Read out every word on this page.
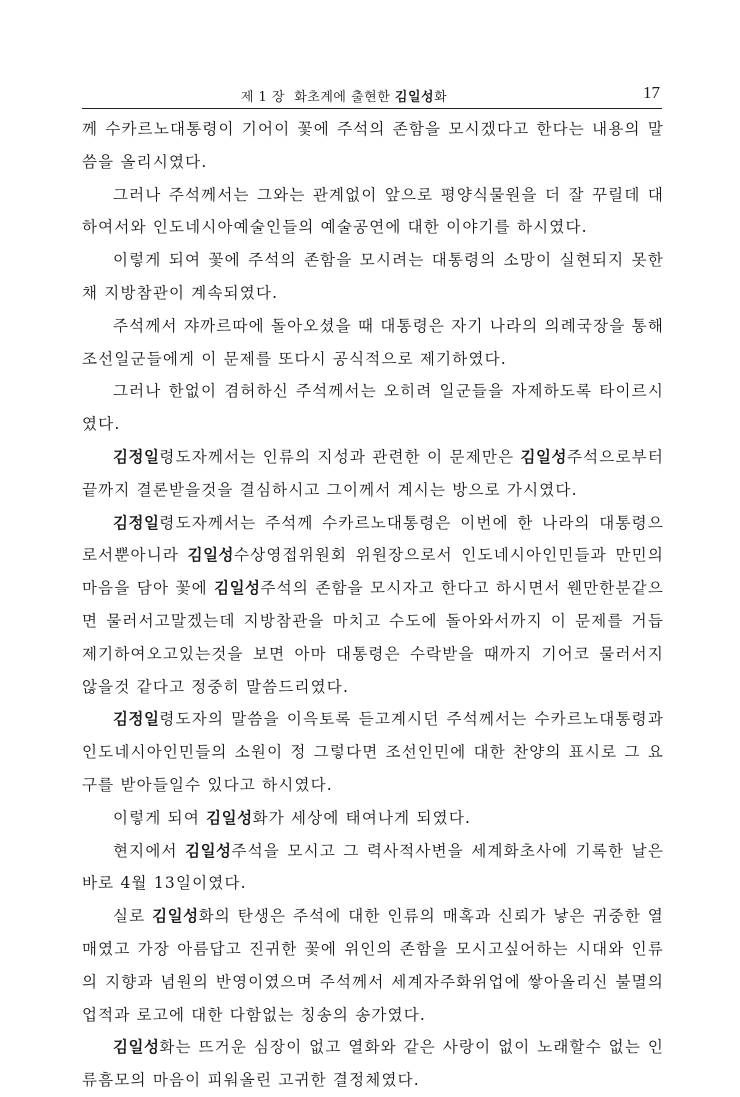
제 1 장 화초계에 출현한 김일성화	17

께 수카르노대통령이 기어이 꽃에 주석의 존함을 모시겠다고 한다는 내용의 말씀을 올리시였다.

그러나 주석께서는 그와는 관계없이 앞으로 평양식물원을 더 잘 꾸릴데 대하여서와 인도네시아예술인들의 예술공연에 대한 이야기를 하시였다.

이렇게 되여 꽃에 주석의 존함을 모시려는 대통령의 소망이 실현되지 못한채 지방참관이 계속되였다.

주석께서 쟈까르따에 돌아오셨을 때 대통령은 자기 나라의 의례국장을 통해 조선일군들에게 이 문제를 또다시 공식적으로 제기하였다.

그러나 한없이 겸허하신 주석께서는 오히려 일군들을 자제하도록 타이르시였다.

김정일령도자께서는 인류의 지성과 관련한 이 문제만은 김일성주석으로부터 끝까지 결론받을것을 결심하시고 그이께서 계시는 방으로 가시였다.

김정일령도자께서는 주석께 수카르노대통령은 이번에 한 나라의 대통령으로서뿐아니라 김일성수상영접위원회 위원장으로서 인도네시아인민들과 만민의 마음을 담아 꽃에 김일성주석의 존함을 모시자고 한다고 하시면서 웬만한분같으면 물러서고말겠는데 지방참관을 마치고 수도에 돌아와서까지 이 문제를 거듭 제기하여오고있는것을 보면 아마 대통령은 수락받을 때까지 기어코 물러서지 않을것 같다고 정중히 말씀드리였다.

김정일령도자의 말씀을 이윽토록 듣고계시던 주석께서는 수카르노대통령과 인도네시아인민들의 소원이 정 그렇다면 조선인민에 대한 찬양의 표시로 그 요구를 받아들일수 있다고 하시였다.

이렇게 되여 김일성화가 세상에 태여나게 되였다.

현지에서 김일성주석을 모시고 그 력사적사변을 세계화초사에 기록한 날은 바로 4월 13일이였다.

실로 김일성화의 탄생은 주석에 대한 인류의 매혹과 신뢰가 낳은 귀중한 열매였고 가장 아름답고 진귀한 꽃에 위인의 존함을 모시고싶어하는 시대와 인류의 지향과 념원의 반영이였으며 주석께서 세계자주화위업에 쌓아올리신 불멸의 업적과 로고에 대한 다함없는 칭송의 송가였다.

김일성화는 뜨거운 심장이 없고 열화와 같은 사랑이 없이 노래할수 없는 인류흠모의 마음이 피워올린 고귀한 결정체였다.
